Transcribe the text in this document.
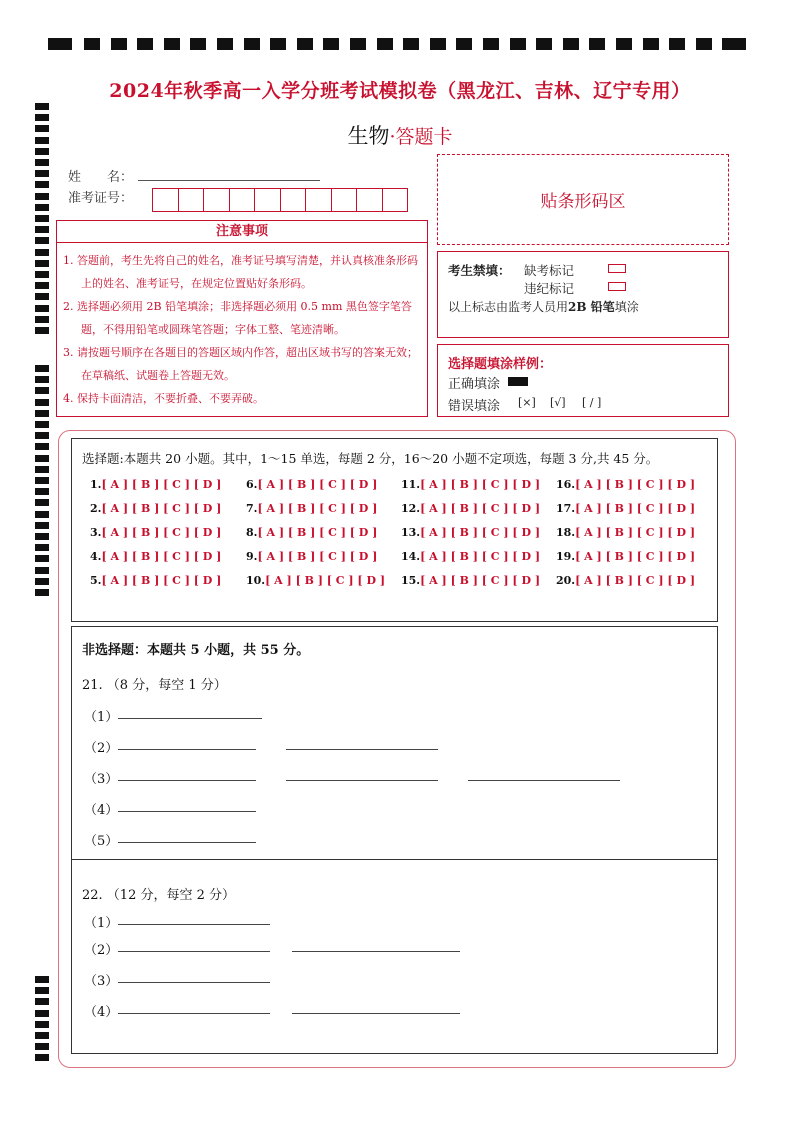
2024年秋季高一入学分班考试模拟卷（黑龙江、吉林、辽宁专用）
生物·答题卡
姓　　名：
准考证号：	贴条形码区
注意事项
1. 答题前，考生先将自己的姓名，准考证号填写清楚，并认真核准条形码上的姓名、准考证号，在规定位置贴好条形码。
2. 选择题必须用 2B 铅笔填涂；非选择题必须用 0.5 mm 黑色签字笔答题，不得用铅笔或圆珠笔答题；字体工整、笔迹清晰。
3. 请按题号顺序在各题目的答题区域内作答，超出区域书写的答案无效；在草稿纸、试题卷上答题无效。
4. 保持卡面清洁，不要折叠、不要弄破。
考生禁填： 缺考标记
违纪标记
以上标志由监考人员用2B 铅笔填涂
选择题填涂样例：
正确填涂
错误填涂 [×] [√] [ / ]
选择题:本题共 20 小题。其中，1～15 单选，每题 2 分，16～20 小题不定项选，每题 3 分,共 45 分。
1.[ A ] [ B ] [ C ] [ D ]
2.[ A ] [ B ] [ C ] [ D ]
3.[ A ] [ B ] [ C ] [ D ]
4.[ A ] [ B ] [ C ] [ D ]
5.[ A ] [ B ] [ C ] [ D ]
6.[ A ] [ B ] [ C ] [ D ]
7.[ A ] [ B ] [ C ] [ D ]
8.[ A ] [ B ] [ C ] [ D ]
9.[ A ] [ B ] [ C ] [ D ]
10.[ A ] [ B ] [ C ] [ D ]
11.[ A ] [ B ] [ C ] [ D ]
12.[ A ] [ B ] [ C ] [ D ]
13.[ A ] [ B ] [ C ] [ D ]
14.[ A ] [ B ] [ C ] [ D ]
15.[ A ] [ B ] [ C ] [ D ]
16.[ A ] [ B ] [ C ] [ D ]
17.[ A ] [ B ] [ C ] [ D ]
18.[ A ] [ B ] [ C ] [ D ]
19.[ A ] [ B ] [ C ] [ D ]
20.[ A ] [ B ] [ C ] [ D ]
非选择题：本题共 5 小题，共 55 分。
21. （8 分，每空 1 分）
（1）
（2）
（3）
（4）
（5）
22. （12 分，每空 2 分）
（1）
（2）
（3）
（4）
